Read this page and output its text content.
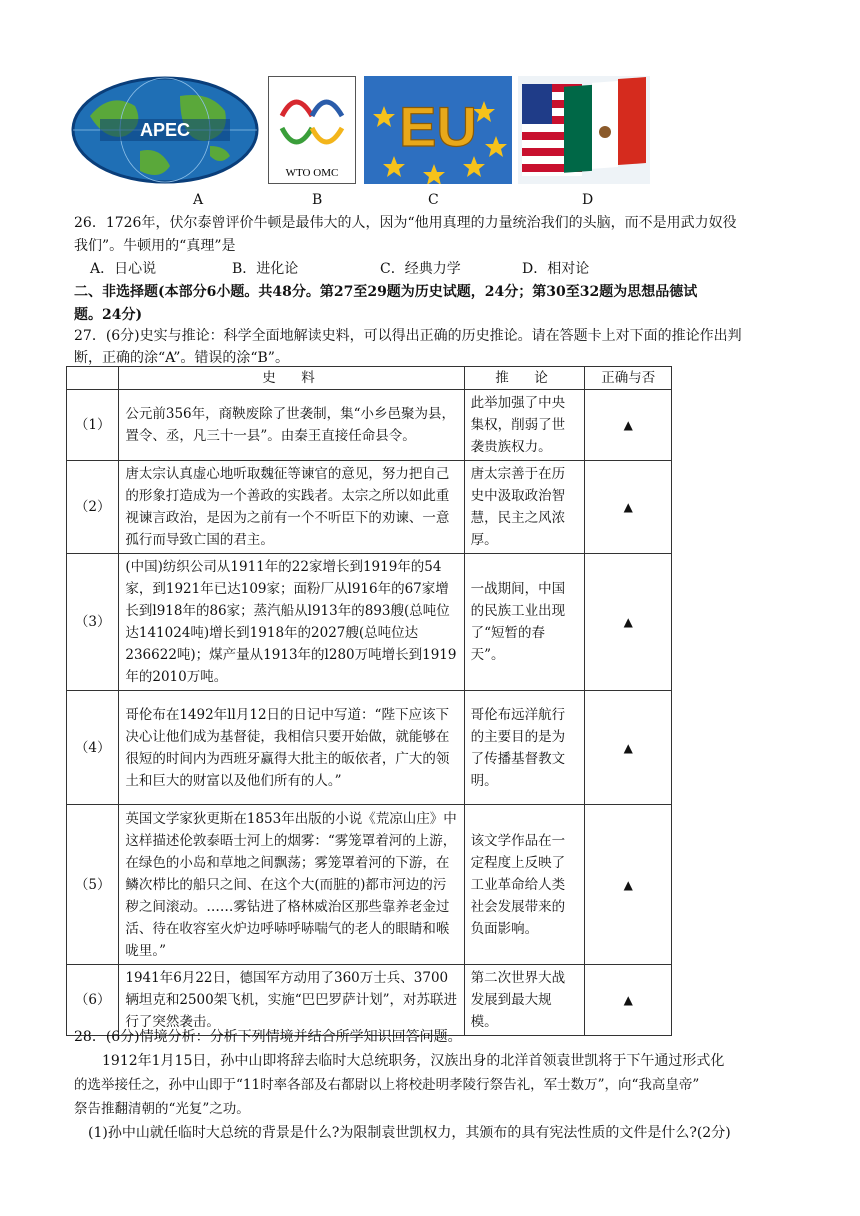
APEC
WTO OMC
EU
A	B	C	D

26．1726年，伏尔泰曾评价牛顿是最伟大的人，因为“他用真理的力量统治我们的头脑，而不是用武力奴役

我们”。牛顿用的“真理”是

A．日心说	B．进化论	C．经典力学	D．相对论

二、非选择题(本部分6小题。共48分。第27至29题为历史试题，24分；第30至32题为思想品德试

题。24分)

27．(6分)史实与推论：科学全面地解读史料，可以得出正确的历史推论。请在答题卡上对下面的推论作出判

断，正确的涂“A”。错误的涂“B”。

	史　料	推　论	正确与否
（1）	公元前356年，商鞅废除了世袭制，集“小乡邑聚为县，置令、丞，凡三十一县”。由秦王直接任命县令。	此举加强了中央集权，削弱了世袭贵族权力。	▲
（2）	唐太宗认真虚心地听取魏征等谏官的意见，努力把自己的形象打造成为一个善政的实践者。太宗之所以如此重视谏言政治，是因为之前有一个不听臣下的劝谏、一意孤行而导致亡国的君主。	唐太宗善于在历史中汲取政治智慧，民主之风浓厚。	▲
（3）	(中国)纺织公司从1911年的22家增长到1919年的54家，到1921年已达109家；面粉厂从l916年的67家增长到l918年的86家；蒸汽船从l913年的893艘(总吨位达141024吨)增长到1918年的2027艘(总吨位达236622吨)；煤产量从1913年的l280万吨增长到1919年的2010万吨。	一战期间，中国的民族工业出现了“短暂的春天”。	▲
（4）	哥伦布在1492年ll月12日的日记中写道：“陛下应该下决心让他们成为基督徒，我相信只要开始做，就能够在很短的时间内为西班牙赢得大批主的皈依者，广大的领土和巨大的财富以及他们所有的人。”	哥伦布远洋航行的主要目的是为了传播基督教文明。	▲
（5）	英国文学家狄更斯在1853年出版的小说《荒凉山庄》中这样描述伦敦泰晤士河上的烟雾：“雾笼罩着河的上游，在绿色的小岛和草地之间飘荡；雾笼罩着河的下游，在鳞次栉比的船只之间、在这个大(而脏的)都市河边的污秽之间滚动。……雾钻进了格林威治区那些靠养老金过活、待在收容室火炉边呼哧呼哧喘气的老人的眼睛和喉咙里。”	该文学作品在一定程度上反映了工业革命给人类社会发展带来的负面影响。	▲
（6）	1941年6月22日，德国军方动用了360万士兵、3700辆坦克和2500架飞机，实施“巴巴罗萨计划”，对苏联进行了突然袭击。	第二次世界大战发展到最大规模。	▲

28．(6分)情境分析：分析下列情境并结合所学知识回答问题。

1912年1月15日，孙中山即将辞去临时大总统职务，汉族出身的北洋首领袁世凯将于下午通过形式化

的选举接任之，孙中山即于“11时率各部及右都尉以上将校赴明孝陵行祭告礼，军士数万”，向“我高皇帝”

祭告推翻清朝的“光复”之功。

(1)孙中山就任临时大总统的背景是什么?为限制袁世凯权力，其颁布的具有宪法性质的文件是什么?(2分)
